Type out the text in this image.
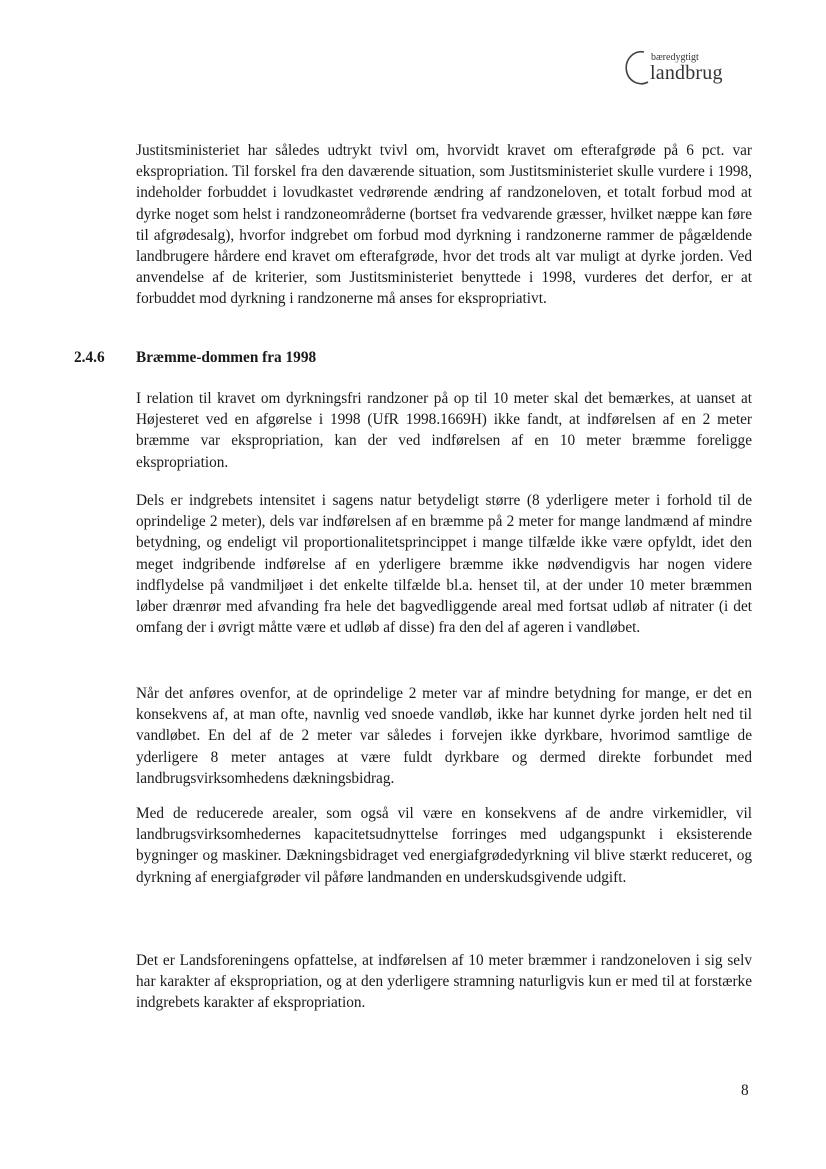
bæredygtigt
landbrug

Justitsministeriet har således udtrykt tvivl om, hvorvidt kravet om efterafgrøde på 6 pct. var ekspropriation. Til forskel fra den daværende situation, som Justitsministeriet skulle vurdere i 1998, indeholder forbuddet i lovudkastet vedrørende ændring af randzoneloven, et totalt forbud mod at dyrke noget som helst i randzoneområderne (bortset fra vedvarende græsser, hvilket næppe kan føre til afgrødesalg), hvorfor indgrebet om forbud mod dyrkning i randzonerne rammer de pågældende landbrugere hårdere end kravet om efterafgrøde, hvor det trods alt var muligt at dyrke jorden. Ved anvendelse af de kriterier, som Justitsministeriet benyttede i 1998, vurderes det derfor, er at forbuddet mod dyrkning i randzonerne må anses for ekspropriativt.

2.4.6 Bræmme-dommen fra 1998

I relation til kravet om dyrkningsfri randzoner på op til 10 meter skal det bemærkes, at uanset at Højesteret ved en afgørelse i 1998 (UfR 1998.1669H) ikke fandt, at indførelsen af en 2 meter bræmme var ekspropriation, kan der ved indførelsen af en 10 meter bræmme foreligge ekspropriation.

Dels er indgrebets intensitet i sagens natur betydeligt større (8 yderligere meter i forhold til de oprindelige 2 meter), dels var indførelsen af en bræmme på 2 meter for mange landmænd af mindre betydning, og endeligt vil proportionalitetsprincippet i mange tilfælde ikke være opfyldt, idet den meget indgribende indførelse af en yderligere bræmme ikke nødvendigvis har nogen videre indflydelse på vandmiljøet i det enkelte tilfælde bl.a. henset til, at der under 10 meter bræmmen løber drænrør med afvanding fra hele det bagvedliggende areal med fortsat udløb af nitrater (i det omfang der i øvrigt måtte være et udløb af disse) fra den del af ageren i vandløbet.

Når det anføres ovenfor, at de oprindelige 2 meter var af mindre betydning for mange, er det en konsekvens af, at man ofte, navnlig ved snoede vandløb, ikke har kunnet dyrke jorden helt ned til vandløbet. En del af de 2 meter var således i forvejen ikke dyrkbare, hvorimod samtlige de yderligere 8 meter antages at være fuldt dyrkbare og dermed direkte forbundet med landbrugsvirksomhedens dækningsbidrag.

Med de reducerede arealer, som også vil være en konsekvens af de andre virkemidler, vil landbrugsvirksomhedernes kapacitetsudnyttelse forringes med udgangspunkt i eksisterende bygninger og maskiner. Dækningsbidraget ved energiafgrødedyrkning vil blive stærkt reduceret, og dyrkning af energiafgrøder vil påføre landmanden en underskudsgivende udgift.

Det er Landsforeningens opfattelse, at indførelsen af 10 meter bræmmer i randzoneloven i sig selv har karakter af ekspropriation, og at den yderligere stramning naturligvis kun er med til at forstærke indgrebets karakter af ekspropriation.

8
